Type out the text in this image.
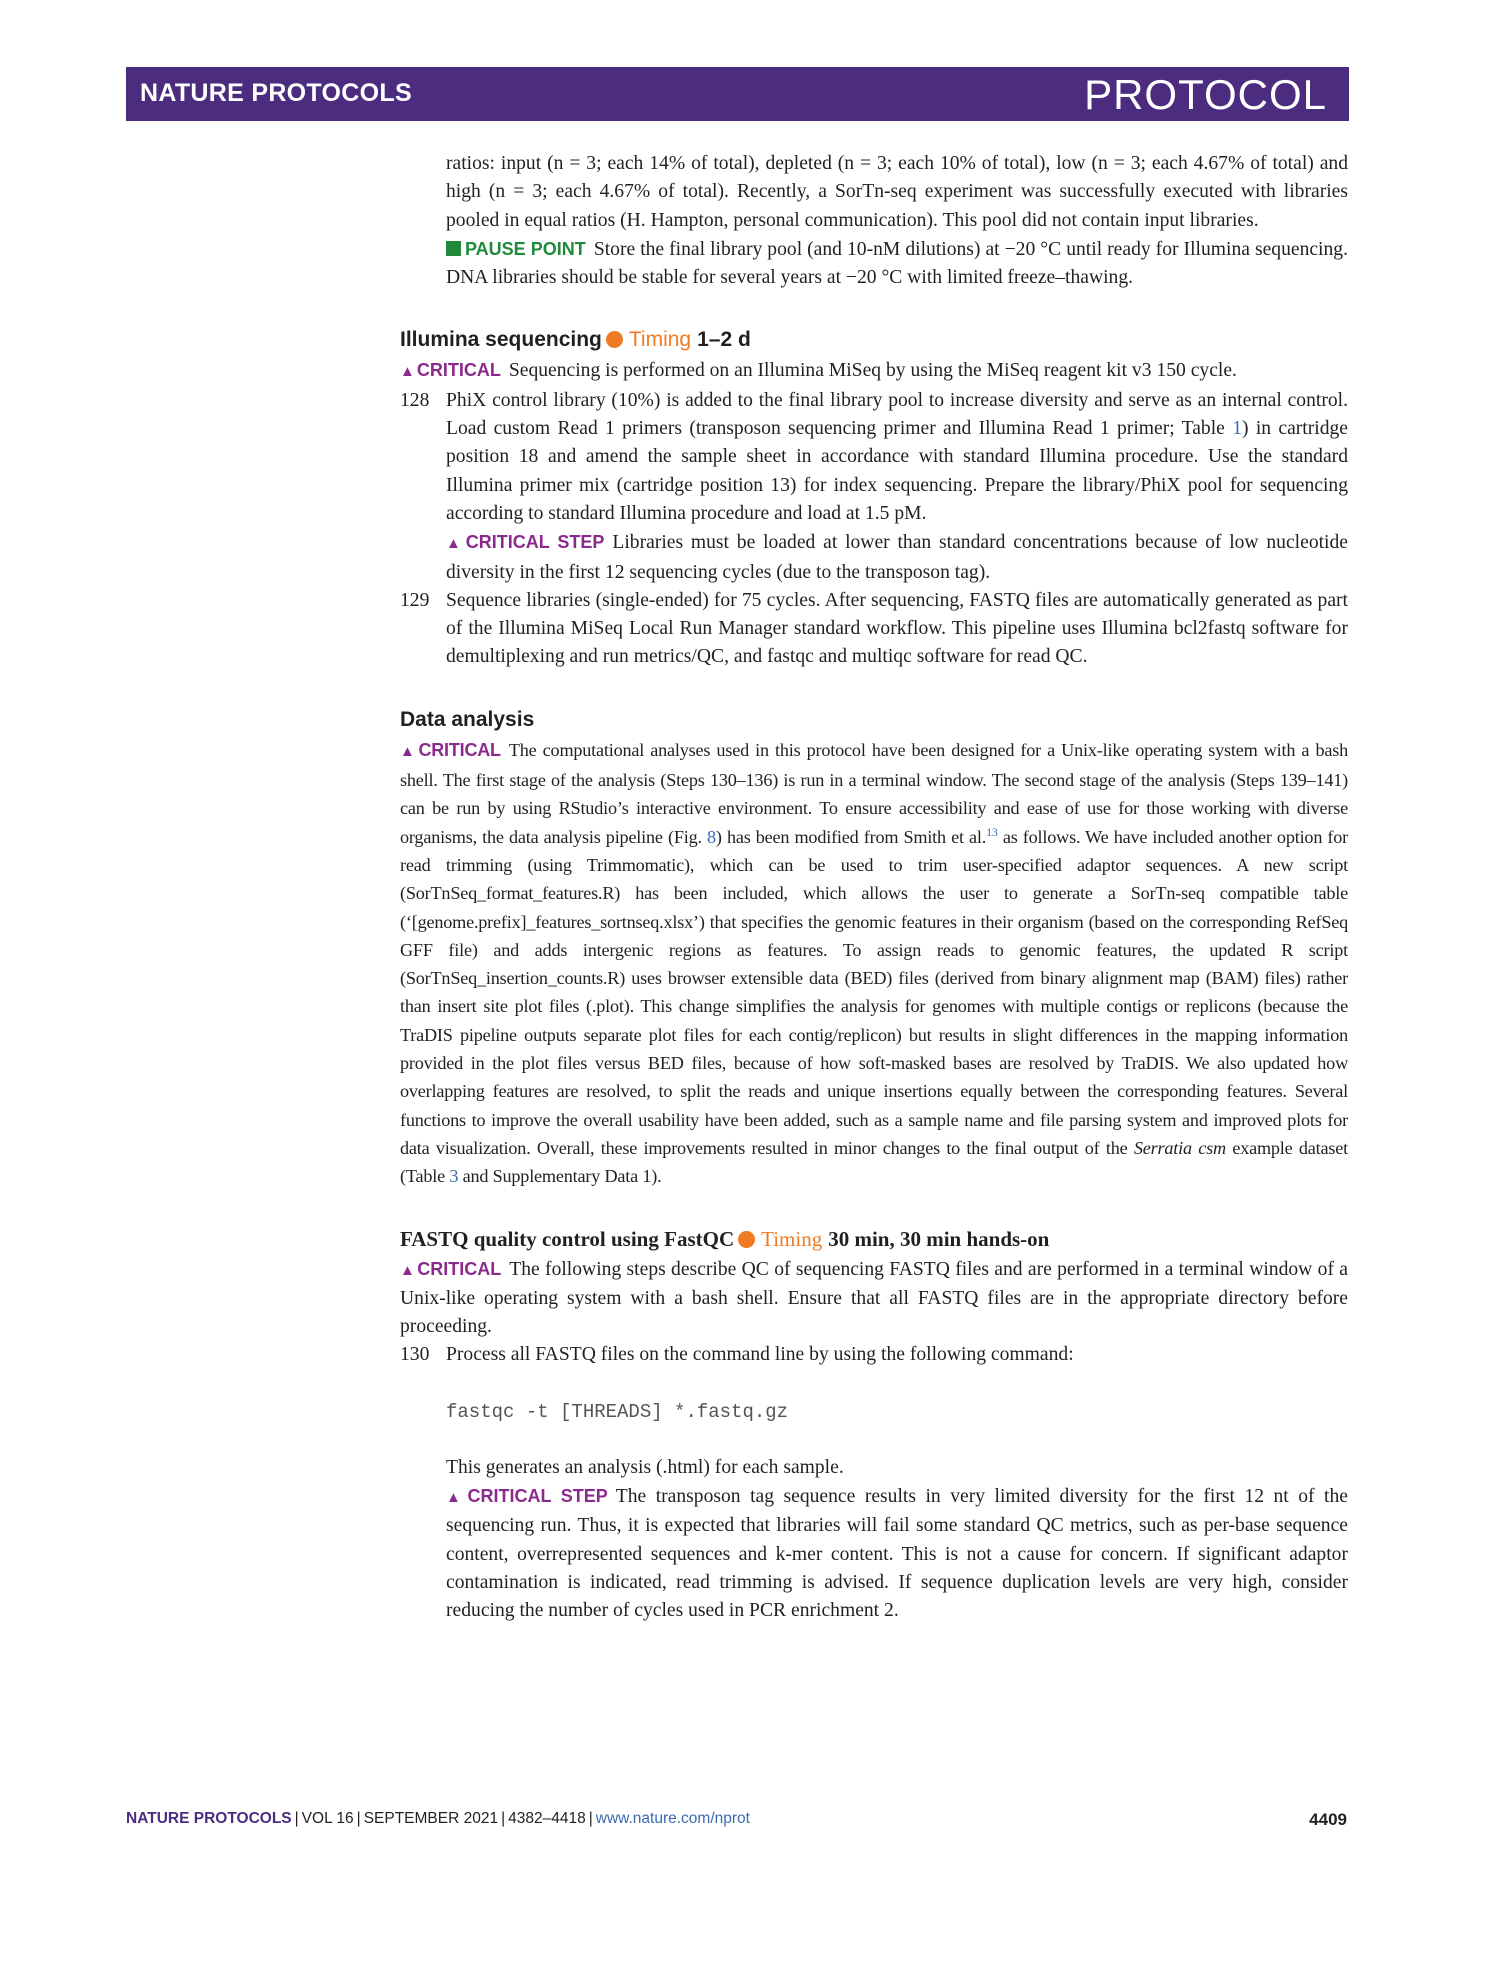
NATURE PROTOCOLS	PROTOCOL

ratios: input (n = 3; each 14% of total), depleted (n = 3; each 10% of total), low (n = 3; each 4.67% of total) and high (n = 3; each 4.67% of total). Recently, a SorTn-seq experiment was successfully executed with libraries pooled in equal ratios (H. Hampton, personal communication). This pool did not contain input libraries.

PAUSE POINT Store the final library pool (and 10-nM dilutions) at −20 °C until ready for Illumina sequencing. DNA libraries should be stable for several years at −20 °C with limited freeze–thawing.

Illumina sequencing Timing 1–2 d

▲ CRITICAL Sequencing is performed on an Illumina MiSeq by using the MiSeq reagent kit v3 150 cycle.

128 PhiX control library (10%) is added to the final library pool to increase diversity and serve as an internal control. Load custom Read 1 primers (transposon sequencing primer and Illumina Read 1 primer; Table 1) in cartridge position 18 and amend the sample sheet in accordance with standard Illumina procedure. Use the standard Illumina primer mix (cartridge position 13) for index sequencing. Prepare the library/PhiX pool for sequencing according to standard Illumina procedure and load at 1.5 pM.

▲ CRITICAL STEP Libraries must be loaded at lower than standard concentrations because of low nucleotide diversity in the first 12 sequencing cycles (due to the transposon tag).

129 Sequence libraries (single-ended) for 75 cycles. After sequencing, FASTQ files are automatically generated as part of the Illumina MiSeq Local Run Manager standard workflow. This pipeline uses Illumina bcl2fastq software for demultiplexing and run metrics/QC, and fastqc and multiqc software for read QC.

Data analysis

▲ CRITICAL The computational analyses used in this protocol have been designed for a Unix-like operating system with a bash shell. The first stage of the analysis (Steps 130–136) is run in a terminal window. The second stage of the analysis (Steps 139–141) can be run by using RStudio’s interactive environment. To ensure accessibility and ease of use for those working with diverse organisms, the data analysis pipeline (Fig. 8) has been modified from Smith et al.$^{13}$ as follows. We have included another option for read trimming (using Trimmomatic), which can be used to trim user-specified adaptor sequences. A new script (SorTnSeq_format_features.R) has been included, which allows the user to generate a SorTn-seq compatible table (‘[genome.prefix]_features_sortnseq.xlsx’) that specifies the genomic features in their organism (based on the corresponding RefSeq GFF file) and adds intergenic regions as features. To assign reads to genomic features, the updated R script (SorTnSeq_insertion_counts.R) uses browser extensible data (BED) files (derived from binary alignment map (BAM) files) rather than insert site plot files (.plot). This change simplifies the analysis for genomes with multiple contigs or replicons (because the TraDIS pipeline outputs separate plot files for each contig/replicon) but results in slight differences in the mapping information provided in the plot files versus BED files, because of how soft-masked bases are resolved by TraDIS. We also updated how overlapping features are resolved, to split the reads and unique insertions equally between the corresponding features. Several functions to improve the overall usability have been added, such as a sample name and file parsing system and improved plots for data visualization. Overall, these improvements resulted in minor changes to the final output of the Serratia csm example dataset (Table 3 and Supplementary Data 1).

FASTQ quality control using FastQC Timing 30 min, 30 min hands-on

▲ CRITICAL The following steps describe QC of sequencing FASTQ files and are performed in a terminal window of a Unix-like operating system with a bash shell. Ensure that all FASTQ files are in the appropriate directory before proceeding.

130 Process all FASTQ files on the command line by using the following command:

fastqc -t [THREADS] *.fastq.gz

This generates an analysis (.html) for each sample.

▲ CRITICAL STEP The transposon tag sequence results in very limited diversity for the first 12 nt of the sequencing run. Thus, it is expected that libraries will fail some standard QC metrics, such as per-base sequence content, overrepresented sequences and k-mer content. This is not a cause for concern. If significant adaptor contamination is indicated, read trimming is advised. If sequence duplication levels are very high, consider reducing the number of cycles used in PCR enrichment 2.

NATURE PROTOCOLS | VOL 16 | SEPTEMBER 2021 | 4382–4418 | www.nature.com/nprot	4409
